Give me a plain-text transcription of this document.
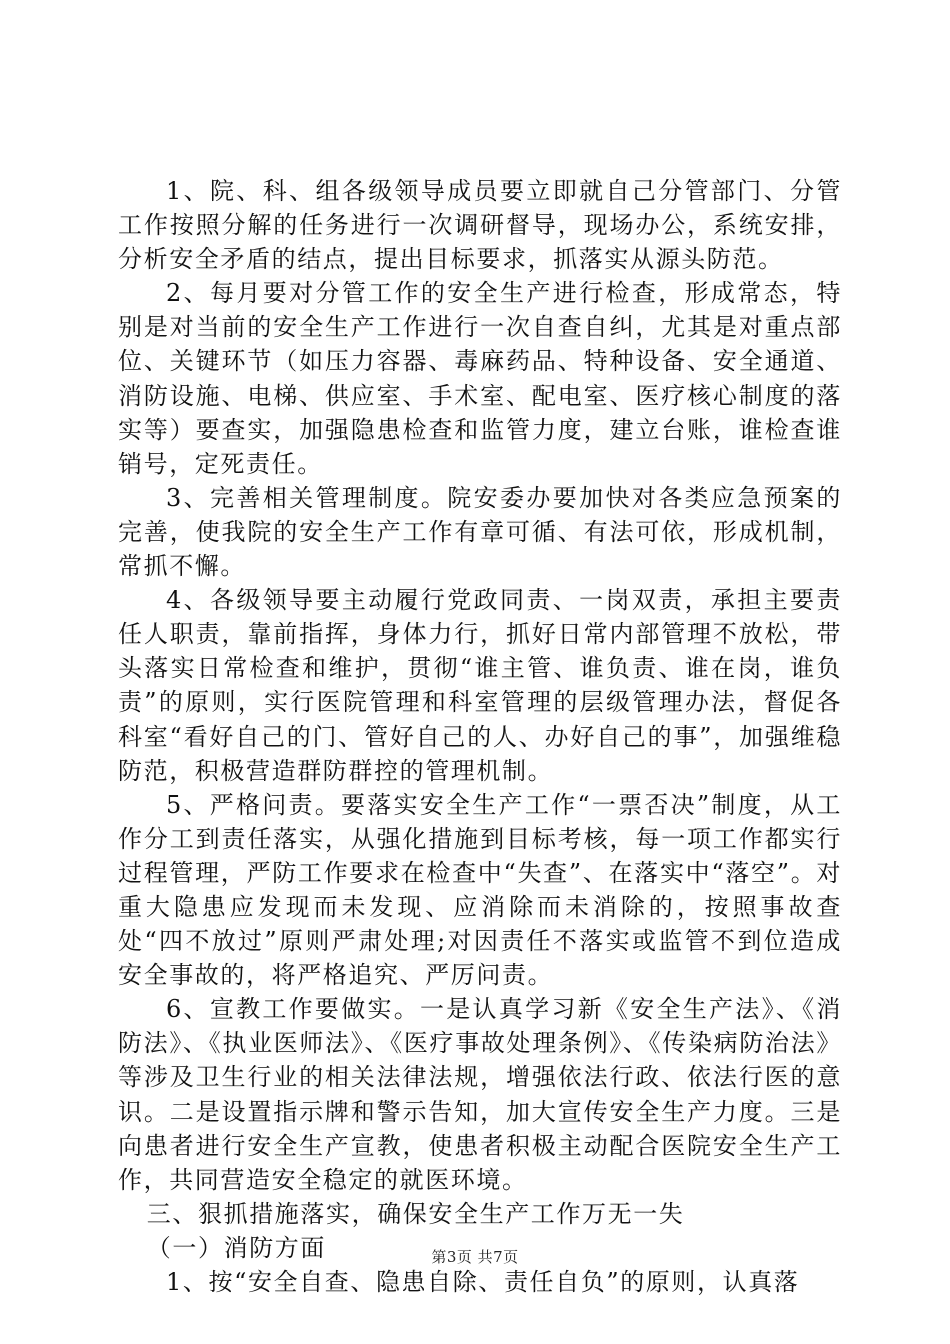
1、院、科、组各级领导成员要立即就自己分管部门、分管工作按照分解的任务进行一次调研督导，现场办公，系统安排，分析安全矛盾的结点，提出目标要求，抓落实从源头防范。

2、每月要对分管工作的安全生产进行检查，形成常态，特别是对当前的安全生产工作进行一次自查自纠，尤其是对重点部位、关键环节（如压力容器、毒麻药品、特种设备、安全通道、消防设施、电梯、供应室、手术室、配电室、医疗核心制度的落实等）要查实，加强隐患检查和监管力度，建立台账，谁检查谁销号，定死责任。

3、完善相关管理制度。院安委办要加快对各类应急预案的完善，使我院的安全生产工作有章可循、有法可依，形成机制，常抓不懈。

4、各级领导要主动履行党政同责、一岗双责，承担主要责任人职责，靠前指挥，身体力行，抓好日常内部管理不放松，带头落实日常检查和维护，贯彻“谁主管、谁负责、谁在岗，谁负责”的原则，实行医院管理和科室管理的层级管理办法，督促各科室“看好自己的门、管好自己的人、办好自己的事”，加强维稳防范，积极营造群防群控的管理机制。

5、严格问责。要落实安全生产工作“一票否决”制度，从工作分工到责任落实，从强化措施到目标考核，每一项工作都实行过程管理，严防工作要求在检查中“失查”、在落实中“落空”。对重大隐患应发现而未发现、应消除而未消除的，按照事故查处“四不放过”原则严肃处理;对因责任不落实或监管不到位造成安全事故的，将严格追究、严厉问责。

6、宣教工作要做实。一是认真学习新《安全生产法》、《消防法》、《执业医师法》、《医疗事故处理条例》、《传染病防治法》等涉及卫生行业的相关法律法规，增强依法行政、依法行医的意识。二是设置指示牌和警示告知，加大宣传安全生产力度。三是向患者进行安全生产宣教，使患者积极主动配合医院安全生产工作，共同营造安全稳定的就医环境。

三、狠抓措施落实，确保安全生产工作万无一失

（一）消防方面

1、按“安全自查、隐患自除、责任自负”的原则，认真落

第3页 共7页
